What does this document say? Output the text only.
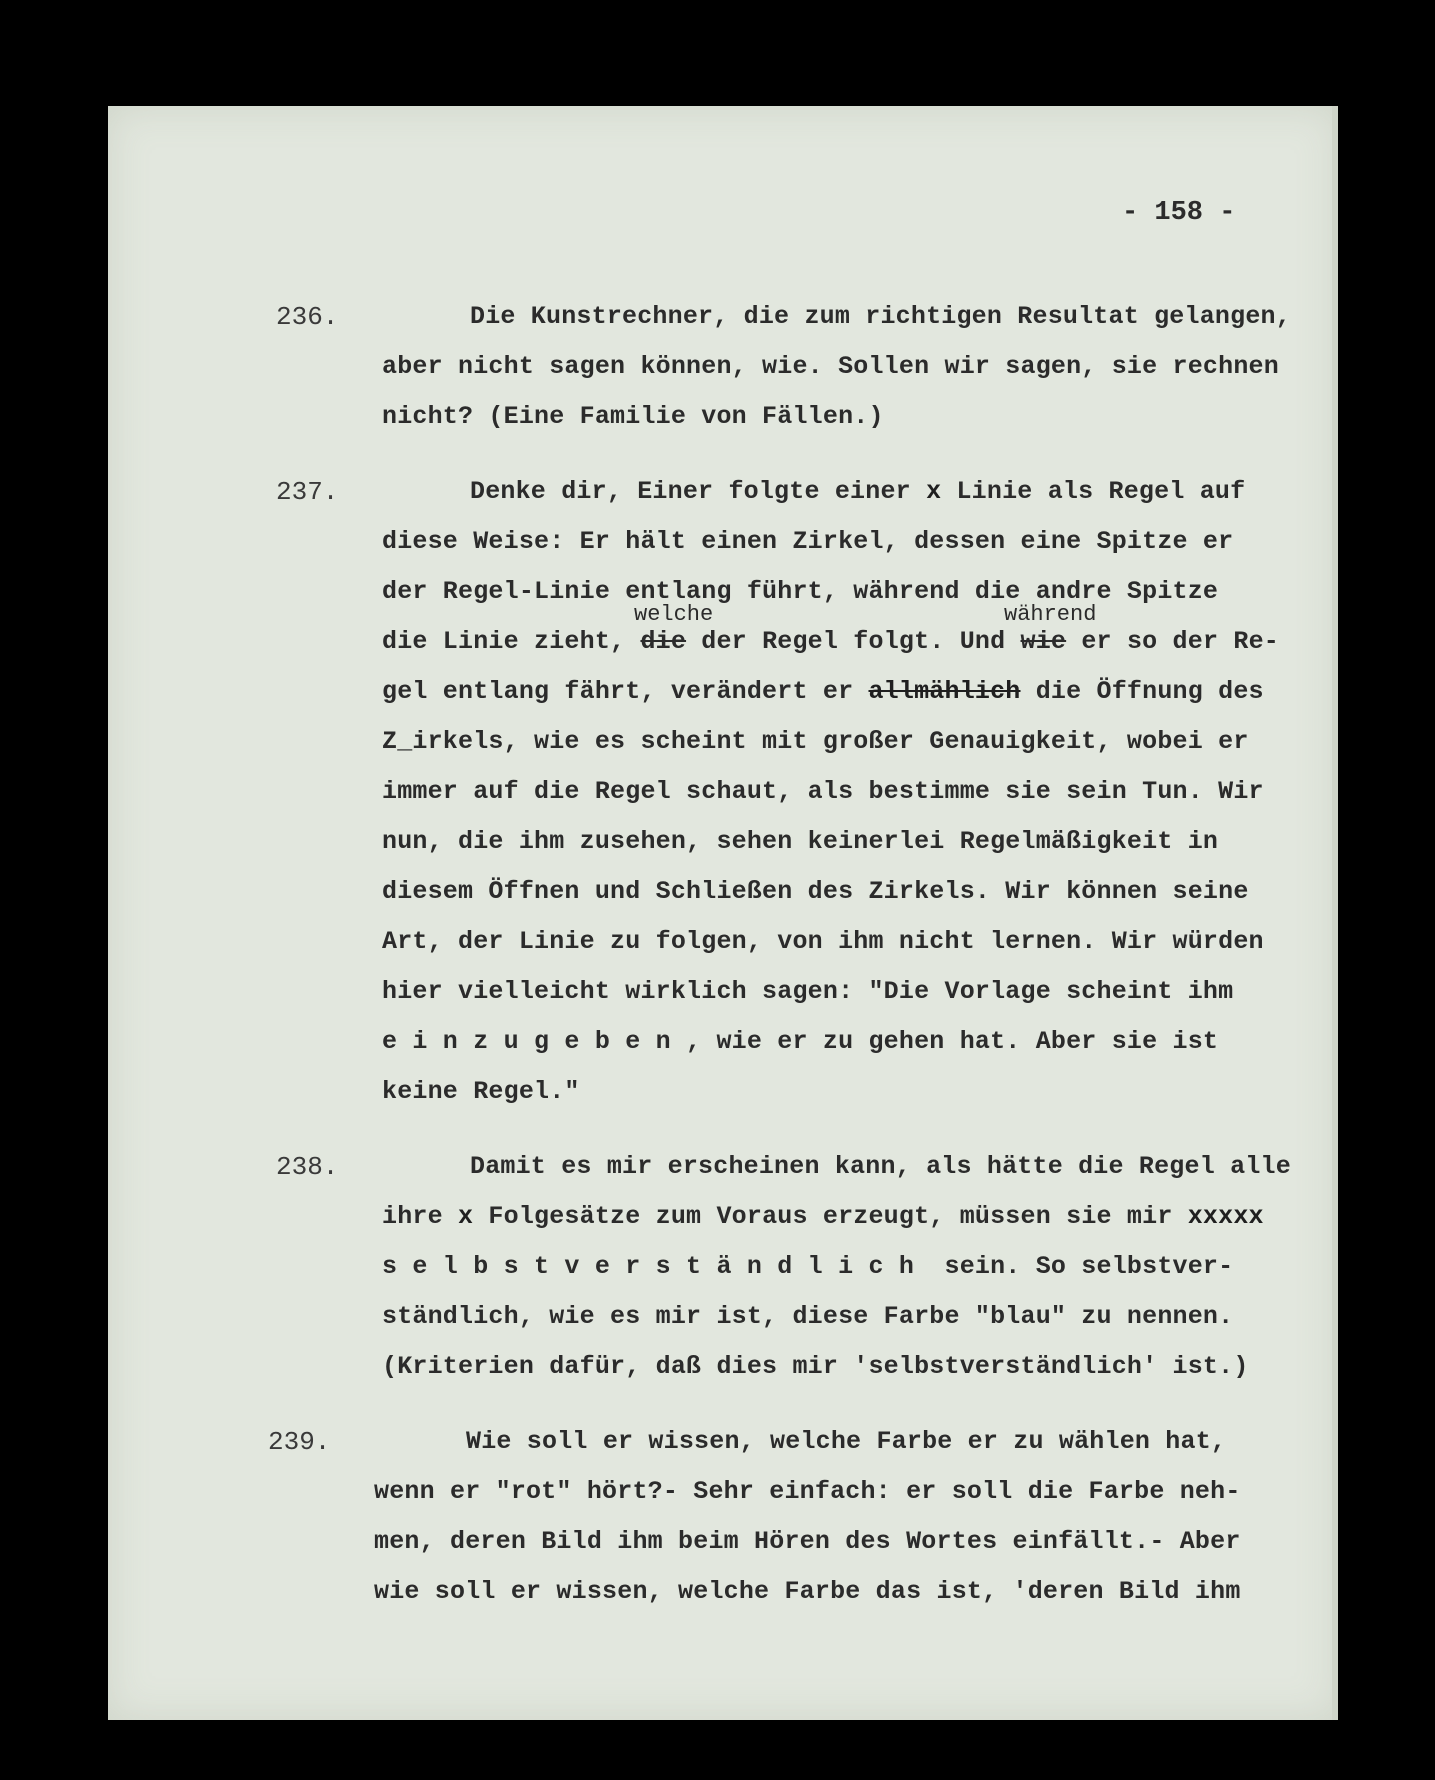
- 158 -
236.	Die Kunstrechner, die zum richtigen Resultat gelangen,
aber nicht sagen können, wie. Sollen wir sagen, sie rechnen
nicht? (Eine Familie von Fällen.)
237.	Denke dir, Einer folgte einer x Linie als Regel auf
diese Weise: Er hält einen Zirkel, dessen eine Spitze er
der Regel-Linie entlang führt, während die andre Spitze
welche	während
die Linie zieht, die der Regel folgt. Und wie er so der Re-
gel entlang fährt, verändert er allmählich die Öffnung des
Z_irkels, wie es scheint mit großer Genauigkeit, wobei er
immer auf die Regel schaut, als bestimme sie sein Tun. Wir
nun, die ihm zusehen, sehen keinerlei Regelmäßigkeit in
diesem Öffnen und Schließen des Zirkels. Wir können seine
Art, der Linie zu folgen, von ihm nicht lernen. Wir würden
hier vielleicht wirklich sagen: "Die Vorlage scheint ihm
e i n z u g e b e n , wie er zu gehen hat. Aber sie ist
keine Regel."
238.	Damit es mir erscheinen kann, als hätte die Regel alle
ihre x Folgesätze zum Voraus erzeugt, müssen sie mir xxxxx
s e l b s t v e r s t ä n d l i c h  sein. So selbstver-
ständlich, wie es mir ist, diese Farbe "blau" zu nennen.
(Kriterien dafür, daß dies mir 'selbstverständlich' ist.)
239.	Wie soll er wissen, welche Farbe er zu wählen hat,
wenn er "rot" hört?- Sehr einfach: er soll die Farbe neh-
men, deren Bild ihm beim Hören des Wortes einfällt.- Aber
wie soll er wissen, welche Farbe das ist, 'deren Bild ihm
